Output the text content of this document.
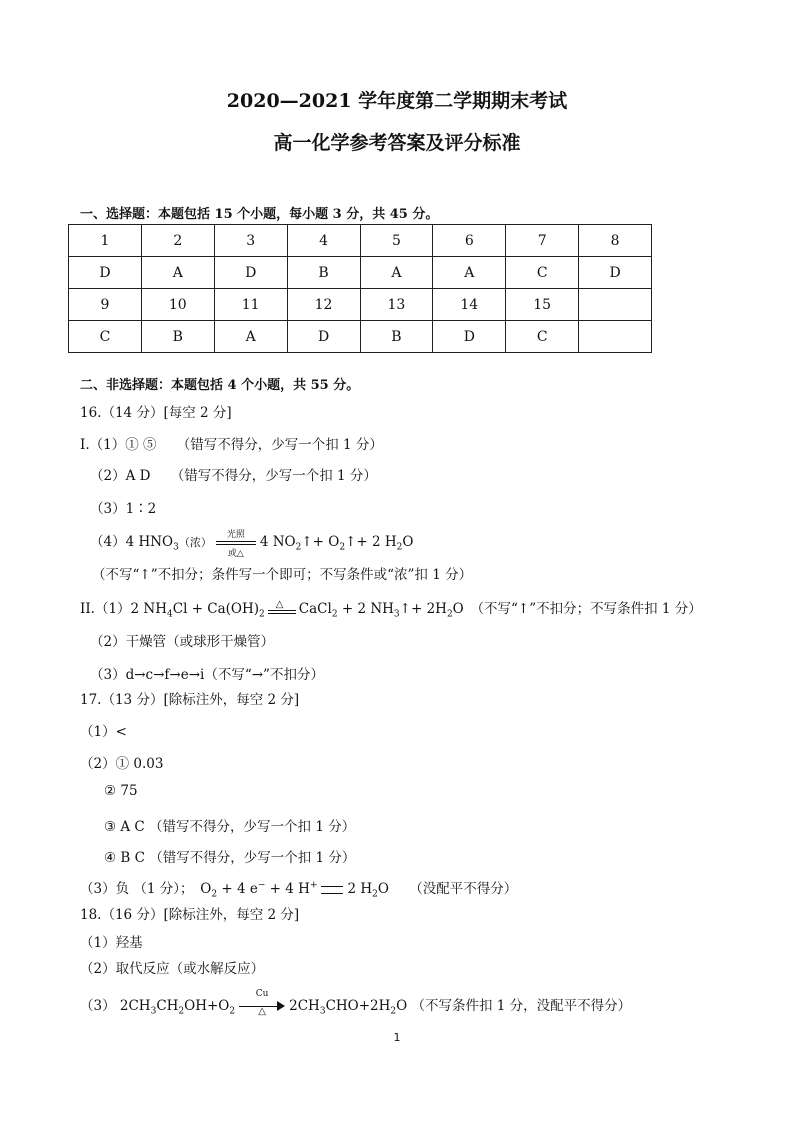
2020—2021 学年度第二学期期末考试
高一化学参考答案及评分标准
一、选择题：本题包括 15 个小题，每小题 3 分，共 45 分。
1	2	3	4	5	6	7	8
D	A	D	B	A	A	C	D
9	10	11	12	13	14	15	
C	B	A	D	B	D	C	
二、非选择题：本题包括 4 个小题，共 55 分。
16.（14 分）[每空 2 分]
I.（1）① ⑤　　（错写不得分，少写一个扣 1 分）
（2）A D　　（错写不得分，少写一个扣 1 分）
（3）1∶2
（4）4 $HNO_3$（浓）
光照
或△
4 $NO_2↑+$ $O_2↑+ 2$ $H_2O$
（不写“↑”不扣分；条件写一个即可；不写条件或“浓”扣 1 分）
II.（1）2 $NH_4Cl + Ca(OH)_2$
△ CaCl$_2$ + 2 $NH_3↑+ 2H_2O$　（不写“↑”不扣分；不写条件扣 1 分）
（2）干燥管（或球形干燥管）
（3）d→c→f→e→i（不写“→”不扣分）
17.（13 分）[除标注外，每空 2 分]
（1）<
（2）① 0.03
② 75
③ A C （错写不得分，少写一个扣 1 分）
④ B C （错写不得分，少写一个扣 1 分）
（3）负 （1 分）；　$O_2 + 4$ e− + 4 H+ 2 $H_2O$　　（没配平不得分）
18.（16 分）[除标注外，每空 2 分]
（1）羟基
（2）取代反应（或水解反应）
（3） $2CH_3CH_2OH+O_2$
Cu
△	$2CH_3CHO+2H_2O$ （不写条件扣 1 分，没配平不得分）
1
